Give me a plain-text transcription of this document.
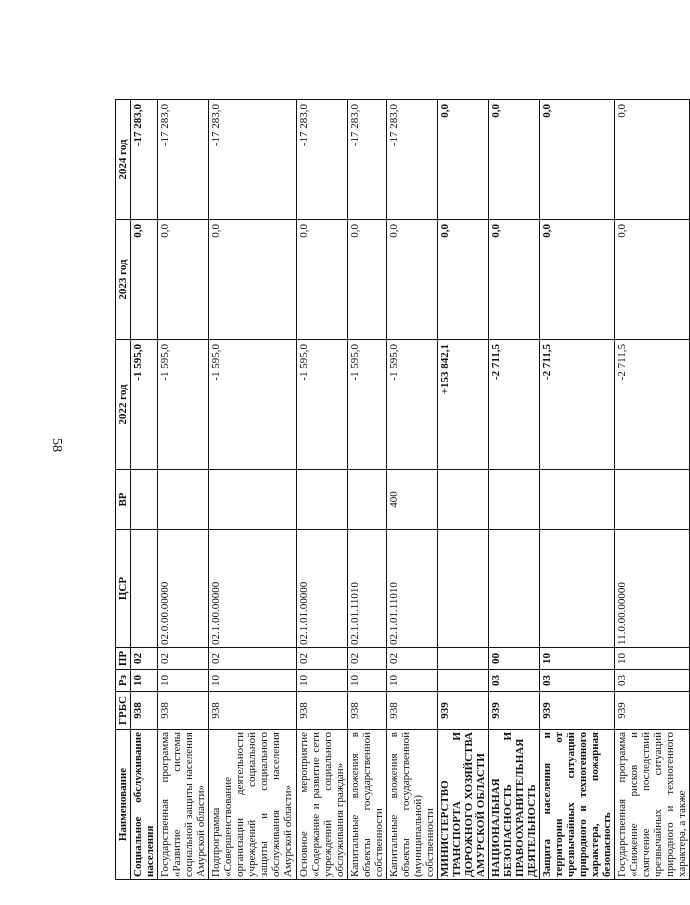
58
Наименование	ГРБС	Рз	ПР	ЦСР	ВР	2022 год	2023 год	2024 год
Социальное обслуживание населения	938	10	02			-1 595,0	0,0	-17 283,0
Государственная программа «Развитие системы социальной защиты населения Амурской области»	938	10	02	02.0.00.00000		-1 595,0	0,0	-17 283,0
Подпрограмма «Совершенствование организации деятельности учреждений социальной защиты и социального обслуживания населения Амурской области»	938	10	02	02.1.00.00000		-1 595,0	0,0	-17 283,0
Основное мероприятие «Содержание и развитие сети учреждений социального обслуживания граждан»	938	10	02	02.1.01.00000		-1 595,0	0,0	-17 283,0
Капитальные вложения в объекты государственной собственности	938	10	02	02.1.01.11010		-1 595,0	0,0	-17 283,0
Капитальные вложения в объекты государственной (муниципальной) собственности	938	10	02	02.1.01.11010	400	-1 595,0	0,0	-17 283,0
МИНИСТЕРСТВО ТРАНСПОРТА И ДОРОЖНОГО ХОЗЯЙСТВА АМУРСКОЙ ОБЛАСТИ	939					+153 842,1	0,0	0,0
НАЦИОНАЛЬНАЯ БЕЗОПАСНОСТЬ И ПРАВООХРАНИТЕЛЬНАЯ ДЕЯТЕЛЬНОСТЬ	939	03	00			-2 711,5	0,0	0,0
Защита населения и территории от чрезвычайных ситуаций природного и техногенного характера, пожарная безопасность	939	03	10			-2 711,5	0,0	0,0
Государственная программа «Снижение рисков и смягчение последствий чрезвычайных ситуаций природного и техногенного характера, а также	939	03	10	11.0.00.00000		-2 711,5	0,0	0,0
